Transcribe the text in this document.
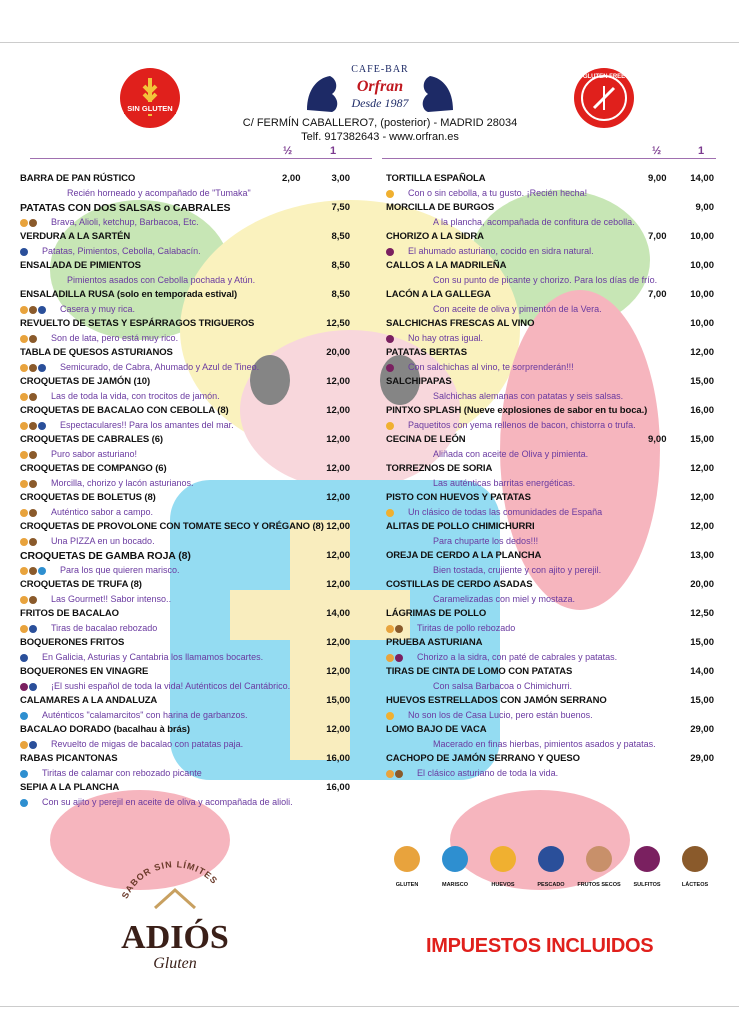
SIN GLUTEN
GLUTEN FREE
CAFE-BAR
Orfran
Desde 1987
C/ FERMÍN CABALLERO7, (posterior) - MADRID 28034
Telf. 917382643 - www.orfran.es
½	1	½	1
BARRA DE PAN RÚSTICO	2,00	3,00
Recién horneado y acompañado de "Tumaka"
PATATAS CON DOS SALSAS o CABRALES	7,50
Brava, Alioli, ketchup, Barbacoa, Etc.
VERDURA A LA SARTÉN	8,50
Patatas, Pimientos, Cebolla, Calabacín.
ENSALADA DE PIMIENTOS	8,50
Pimientos asados con Cebolla pochada y Atún.
ENSALADILLA RUSA (solo en temporada estival)	8,50
Casera y muy rica.
REVUELTO DE SETAS Y ESPÁRRAGOS TRIGUEROS	12,50
Son de lata, pero está muy rico.
TABLA DE QUESOS ASTURIANOS	20,00
Semicurado, de Cabra, Ahumado y Azul de Tineo.
CROQUETAS DE JAMÓN (10)	12,00
Las de toda la vida, con trocitos de jamón.
CROQUETAS DE BACALAO CON CEBOLLA (8)	12,00
Espectaculares!! Para los amantes del mar.
CROQUETAS DE CABRALES (6)	12,00
Puro sabor asturiano!
CROQUETAS DE COMPANGO (6)	12,00
Morcilla, chorizo y lacón asturianos.
CROQUETAS DE BOLETUS (8)	12,00
Auténtico sabor a campo.
CROQUETAS DE PROVOLONE CON TOMATE SECO Y ORÉGANO (8) 12,00
Una PIZZA en un bocado.
CROQUETAS DE GAMBA ROJA (8)	12,00
Para los que quieren marisco.
CROQUETAS DE TRUFA (8)	12,00
Las Gourmet!! Sabor intenso..
FRITOS DE BACALAO	14,00
Tiras de bacalao rebozado
BOQUERONES FRITOS	12,00
En Galicia, Asturias y Cantabria los llamamos bocartes.
BOQUERONES EN VINAGRE	12,00
¡El sushi español de toda la vida! Auténticos del Cantábrico.
CALAMARES A LA ANDALUZA	15,00
Auténticos "calamarcitos" con harina de garbanzos.
BACALAO DORADO (bacalhau à brás)	12,00
Revuelto de migas de bacalao con patatas paja.
RABAS PICANTONAS	16,00
Tiritas de calamar con rebozado picante
SEPIA A LA PLANCHA	16,00
Con su ajito y perejil en aceite de oliva y acompañada de alioli.
TORTILLA ESPAÑOLA	9,00 14,00
Con o sin cebolla, a tu gusto. ¡Recién hecha!
MORCILLA DE BURGOS	9,00
A la plancha, acompañada de confitura de cebolla.
CHORIZO A LA SIDRA	7,00 10,00
El ahumado asturiano, cocido en sidra natural.
CALLOS A LA MADRILEÑA	10,00
Con su punto de picante y chorizo. Para los días de frío.
LACÓN A LA GALLEGA	7,00 10,00
Con aceite de oliva y pimentón de la Vera.
SALCHICHAS FRESCAS AL VINO	10,00
No hay otras igual.
PATATAS BERTAS	12,00
Con salchichas al vino, te sorprenderán!!!
SALCHIPAPAS	15,00
Salchichas alemanas con patatas y seis salsas.
PINTXO SPLASH (Nueve explosiones de sabor en tu boca.)	16,00
Paquetitos con yema rellenos de bacon, chistorra o trufa.
CECINA DE LEÓN	9,00 15,00
Aliñada con aceite de Oliva y pimienta.
TORREZNOS DE SORIA	12,00
Las auténticas barritas energéticas.
PISTO CON HUEVOS Y PATATAS	12,00
Un clásico de todas las comunidades de España
ALITAS DE POLLO CHIMICHURRI	12,00
Para chuparte los dedos!!!
OREJA DE CERDO A LA PLANCHA	13,00
Bien tostada, crujiente y con ajito y perejil.
COSTILLAS DE CERDO ASADAS	20,00
Caramelizadas con miel y mostaza.
LÁGRIMAS DE POLLO	12,50
Tiritas de pollo rebozado
PRUEBA ASTURIANA	15,00
Chorizo a la sidra, con paté de cabrales y patatas.
TIRAS DE CINTA DE LOMO CON PATATAS	14,00
Con salsa Barbacoa o Chimichurri.
HUEVOS ESTRELLADOS CON JAMÓN SERRANO	15,00
No son los de Casa Lucio, pero están buenos.
LOMO BAJO DE VACA	29,00
Macerado en finas hierbas, pimientos asados y patatas.
CACHOPO DE JAMÓN SERRANO Y QUESO	29,00
El clásico asturiano de toda la vida.
GLUTEN	MARISCO	HUEVOS	PESCADO	FRUTOS SECOS	SULFITOS	LÁCTEOS
SABOR SIN LÍMITES
ADIÓS
Gluten
IMPUESTOS INCLUIDOS
